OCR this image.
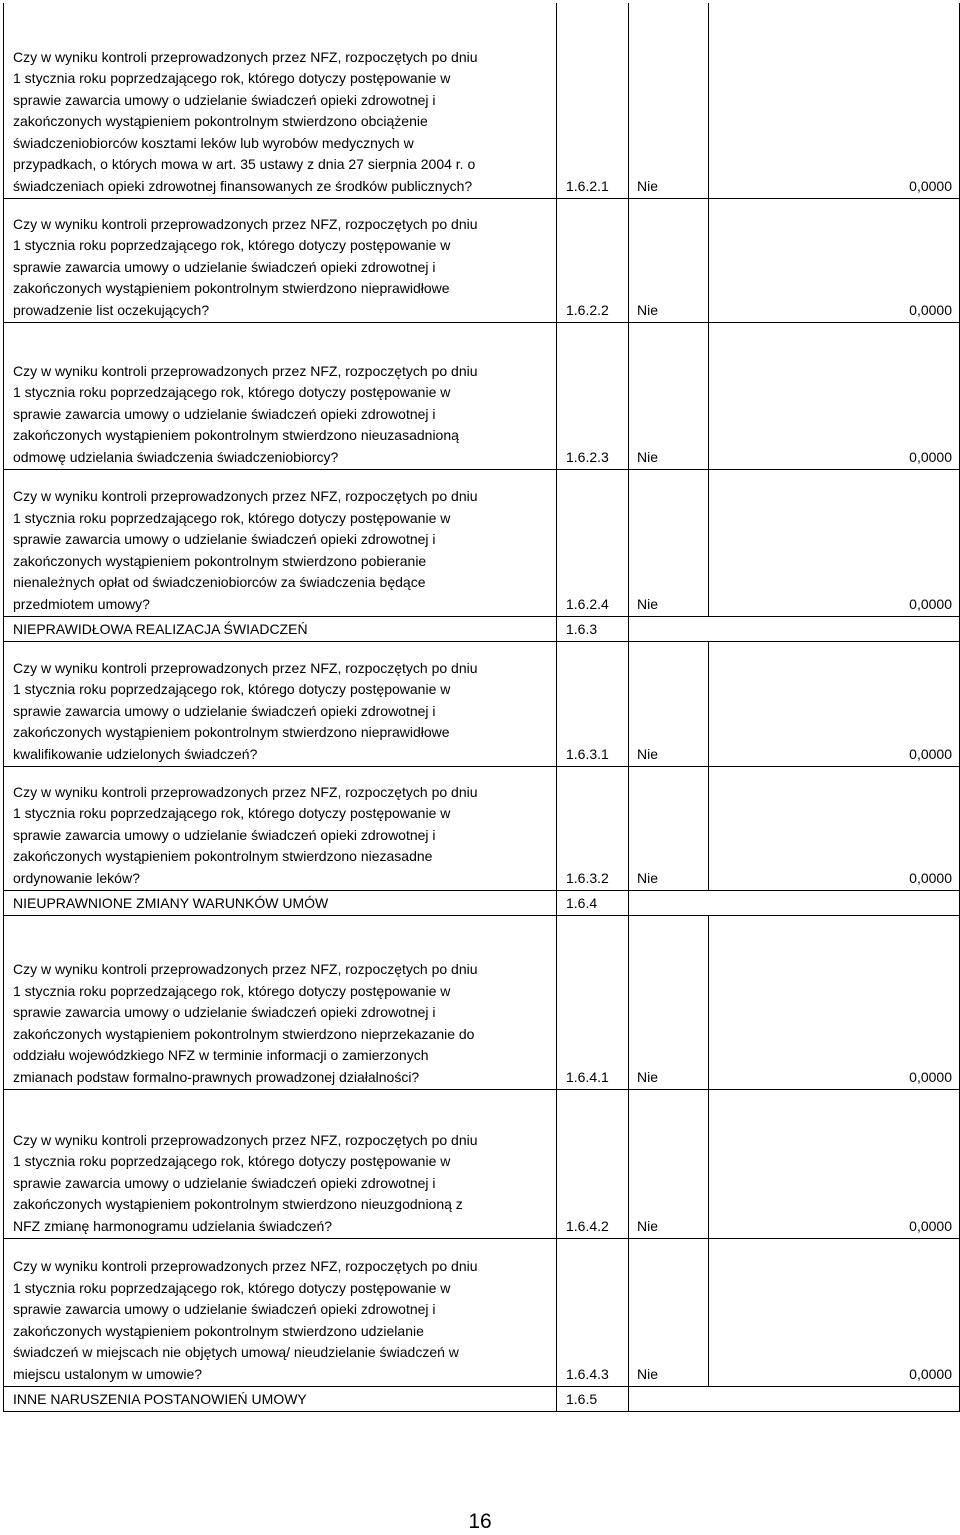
Czy w wyniku kontroli przeprowadzonych przez NFZ, rozpoczętych po dniu
1 stycznia roku poprzedzającego rok, którego dotyczy postępowanie w
sprawie zawarcia umowy o udzielanie świadczeń opieki zdrowotnej i
zakończonych wystąpieniem pokontrolnym stwierdzono obciążenie
świadczeniobiorców kosztami leków lub wyrobów medycznych w
przypadkach, o których mowa w art. 35 ustawy z dnia 27 sierpnia 2004 r. o
świadczeniach opieki zdrowotnej finansowanych ze środków publicznych?	1.6.2.1	Nie	0,0000
Czy w wyniku kontroli przeprowadzonych przez NFZ, rozpoczętych po dniu
1 stycznia roku poprzedzającego rok, którego dotyczy postępowanie w
sprawie zawarcia umowy o udzielanie świadczeń opieki zdrowotnej i
zakończonych wystąpieniem pokontrolnym stwierdzono nieprawidłowe
prowadzenie list oczekujących?	1.6.2.2	Nie	0,0000
Czy w wyniku kontroli przeprowadzonych przez NFZ, rozpoczętych po dniu
1 stycznia roku poprzedzającego rok, którego dotyczy postępowanie w
sprawie zawarcia umowy o udzielanie świadczeń opieki zdrowotnej i
zakończonych wystąpieniem pokontrolnym stwierdzono nieuzasadnioną
odmowę udzielania świadczenia świadczeniobiorcy?	1.6.2.3	Nie	0,0000
Czy w wyniku kontroli przeprowadzonych przez NFZ, rozpoczętych po dniu
1 stycznia roku poprzedzającego rok, którego dotyczy postępowanie w
sprawie zawarcia umowy o udzielanie świadczeń opieki zdrowotnej i
zakończonych wystąpieniem pokontrolnym stwierdzono pobieranie
nienależnych opłat od świadczeniobiorców za świadczenia będące
przedmiotem umowy?	1.6.2.4	Nie	0,0000
NIEPRAWIDŁOWA REALIZACJA ŚWIADCZEŃ	1.6.3
Czy w wyniku kontroli przeprowadzonych przez NFZ, rozpoczętych po dniu
1 stycznia roku poprzedzającego rok, którego dotyczy postępowanie w
sprawie zawarcia umowy o udzielanie świadczeń opieki zdrowotnej i
zakończonych wystąpieniem pokontrolnym stwierdzono nieprawidłowe
kwalifikowanie udzielonych świadczeń?	1.6.3.1	Nie	0,0000
Czy w wyniku kontroli przeprowadzonych przez NFZ, rozpoczętych po dniu
1 stycznia roku poprzedzającego rok, którego dotyczy postępowanie w
sprawie zawarcia umowy o udzielanie świadczeń opieki zdrowotnej i
zakończonych wystąpieniem pokontrolnym stwierdzono niezasadne
ordynowanie leków?	1.6.3.2	Nie	0,0000
NIEUPRAWNIONE ZMIANY WARUNKÓW UMÓW	1.6.4
Czy w wyniku kontroli przeprowadzonych przez NFZ, rozpoczętych po dniu
1 stycznia roku poprzedzającego rok, którego dotyczy postępowanie w
sprawie zawarcia umowy o udzielanie świadczeń opieki zdrowotnej i
zakończonych wystąpieniem pokontrolnym stwierdzono nieprzekazanie do
oddziału wojewódzkiego NFZ w terminie informacji o zamierzonych
zmianach podstaw formalno-prawnych prowadzonej działalności?	1.6.4.1	Nie	0,0000
Czy w wyniku kontroli przeprowadzonych przez NFZ, rozpoczętych po dniu
1 stycznia roku poprzedzającego rok, którego dotyczy postępowanie w
sprawie zawarcia umowy o udzielanie świadczeń opieki zdrowotnej i
zakończonych wystąpieniem pokontrolnym stwierdzono nieuzgodnioną z
NFZ zmianę harmonogramu udzielania świadczeń?	1.6.4.2	Nie	0,0000
Czy w wyniku kontroli przeprowadzonych przez NFZ, rozpoczętych po dniu
1 stycznia roku poprzedzającego rok, którego dotyczy postępowanie w
sprawie zawarcia umowy o udzielanie świadczeń opieki zdrowotnej i
zakończonych wystąpieniem pokontrolnym stwierdzono udzielanie
świadczeń w miejscach nie objętych umową/ nieudzielanie świadczeń w
miejscu ustalonym w umowie?	1.6.4.3	Nie	0,0000
INNE NARUSZENIA POSTANOWIEŃ UMOWY	1.6.5
16
